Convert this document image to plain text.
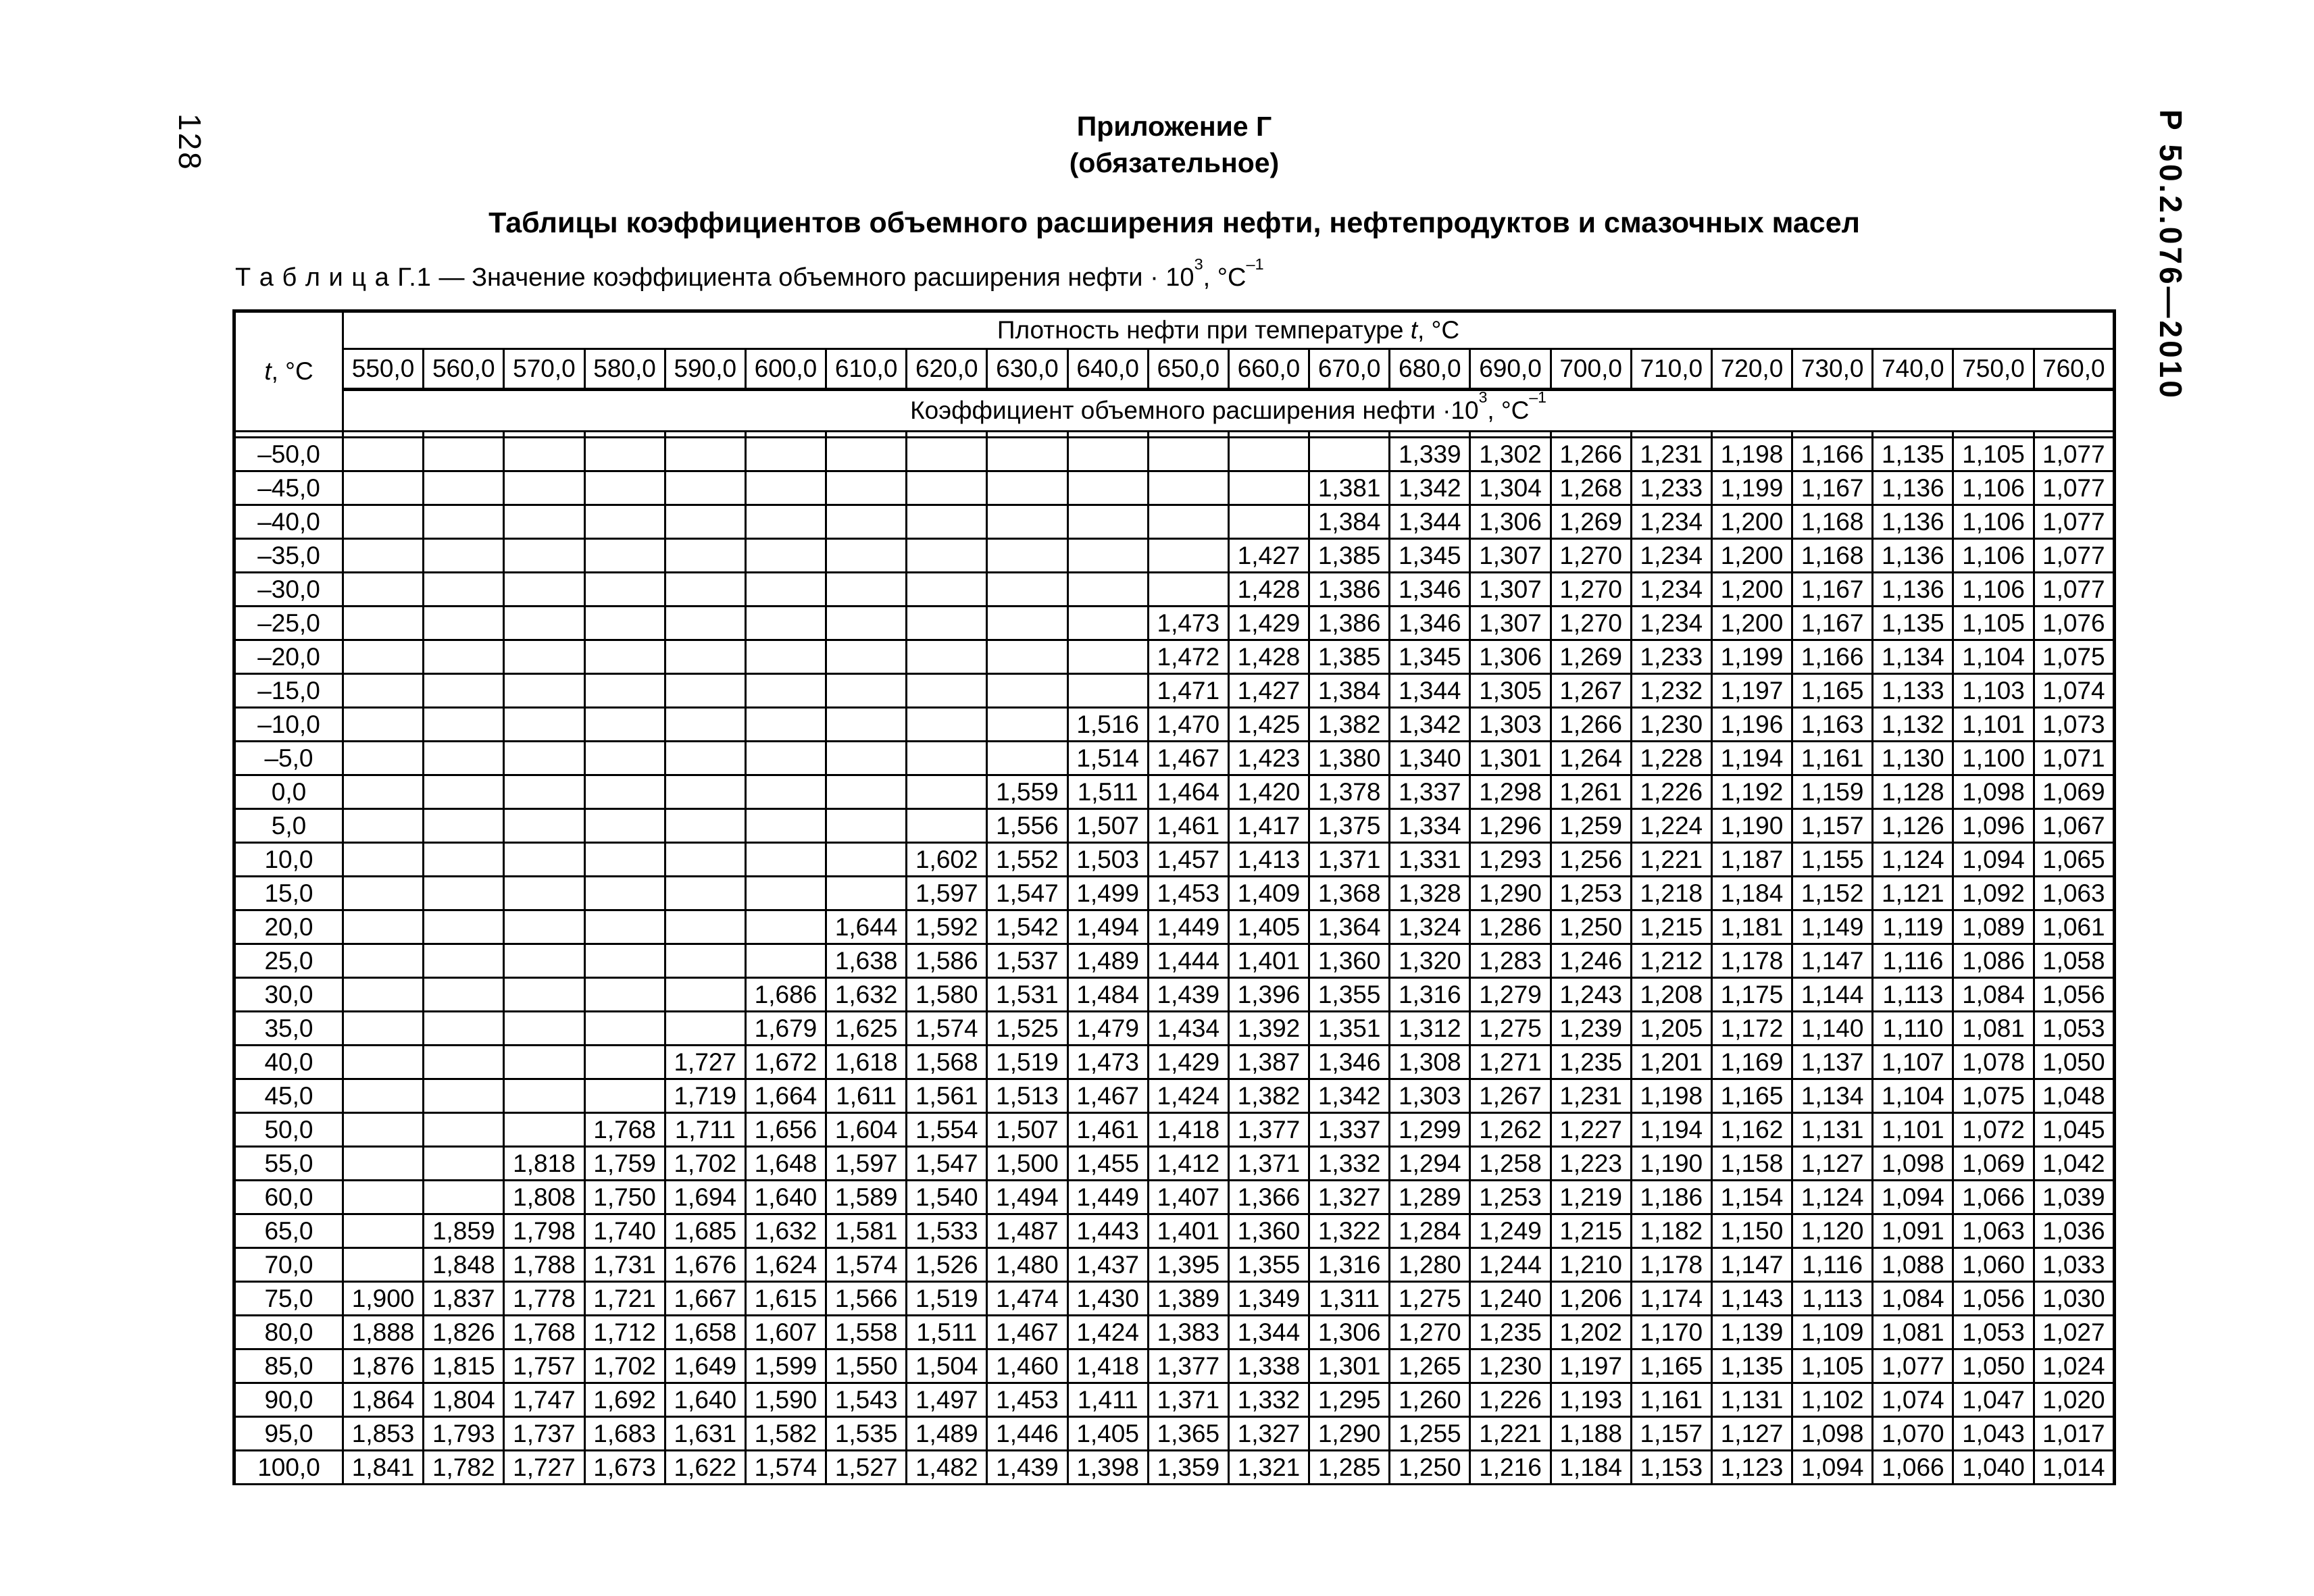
128	Р 50.2.076—2010
Приложение Г
(обязательное)
Таблицы коэффициентов объемного расширения нефти, нефтепродуктов и смазочных масел
Т а б л и ц а Г.1 — Значение коэффициента объемного расширения нефти · $10^3$, $^\circ С^{-1}$
t, °С	Плотность нефти при температуре t, °С																					
	550,0	560,0	570,0	580,0	590,0	600,0	610,0	620,0	630,0	640,0	650,0	660,0	670,0	680,0	690,0	700,0	710,0	720,0	730,0	740,0	750,0	760,0
	Коэффициент объемного расширения нефти $\cdot 10^3$, $^\circ С^{-1}$

–50,0														1,339	1,302	1,266	1,231	1,198	1,166	1,135	1,105	1,077
–45,0													1,381	1,342	1,304	1,268	1,233	1,199	1,167	1,136	1,106	1,077
–40,0													1,384	1,344	1,306	1,269	1,234	1,200	1,168	1,136	1,106	1,077
–35,0												1,427	1,385	1,345	1,307	1,270	1,234	1,200	1,168	1,136	1,106	1,077
–30,0												1,428	1,386	1,346	1,307	1,270	1,234	1,200	1,167	1,136	1,106	1,077
–25,0											1,473	1,429	1,386	1,346	1,307	1,270	1,234	1,200	1,167	1,135	1,105	1,076
–20,0											1,472	1,428	1,385	1,345	1,306	1,269	1,233	1,199	1,166	1,134	1,104	1,075
–15,0											1,471	1,427	1,384	1,344	1,305	1,267	1,232	1,197	1,165	1,133	1,103	1,074
–10,0										1,516	1,470	1,425	1,382	1,342	1,303	1,266	1,230	1,196	1,163	1,132	1,101	1,073
–5,0										1,514	1,467	1,423	1,380	1,340	1,301	1,264	1,228	1,194	1,161	1,130	1,100	1,071
0,0									1,559	1,511	1,464	1,420	1,378	1,337	1,298	1,261	1,226	1,192	1,159	1,128	1,098	1,069
5,0									1,556	1,507	1,461	1,417	1,375	1,334	1,296	1,259	1,224	1,190	1,157	1,126	1,096	1,067
10,0								1,602	1,552	1,503	1,457	1,413	1,371	1,331	1,293	1,256	1,221	1,187	1,155	1,124	1,094	1,065
15,0								1,597	1,547	1,499	1,453	1,409	1,368	1,328	1,290	1,253	1,218	1,184	1,152	1,121	1,092	1,063
20,0							1,644	1,592	1,542	1,494	1,449	1,405	1,364	1,324	1,286	1,250	1,215	1,181	1,149	1,119	1,089	1,061
25,0							1,638	1,586	1,537	1,489	1,444	1,401	1,360	1,320	1,283	1,246	1,212	1,178	1,147	1,116	1,086	1,058
30,0						1,686	1,632	1,580	1,531	1,484	1,439	1,396	1,355	1,316	1,279	1,243	1,208	1,175	1,144	1,113	1,084	1,056
35,0						1,679	1,625	1,574	1,525	1,479	1,434	1,392	1,351	1,312	1,275	1,239	1,205	1,172	1,140	1,110	1,081	1,053
40,0					1,727	1,672	1,618	1,568	1,519	1,473	1,429	1,387	1,346	1,308	1,271	1,235	1,201	1,169	1,137	1,107	1,078	1,050
45,0					1,719	1,664	1,611	1,561	1,513	1,467	1,424	1,382	1,342	1,303	1,267	1,231	1,198	1,165	1,134	1,104	1,075	1,048
50,0				1,768	1,711	1,656	1,604	1,554	1,507	1,461	1,418	1,377	1,337	1,299	1,262	1,227	1,194	1,162	1,131	1,101	1,072	1,045
55,0			1,818	1,759	1,702	1,648	1,597	1,547	1,500	1,455	1,412	1,371	1,332	1,294	1,258	1,223	1,190	1,158	1,127	1,098	1,069	1,042
60,0			1,808	1,750	1,694	1,640	1,589	1,540	1,494	1,449	1,407	1,366	1,327	1,289	1,253	1,219	1,186	1,154	1,124	1,094	1,066	1,039
65,0		1,859	1,798	1,740	1,685	1,632	1,581	1,533	1,487	1,443	1,401	1,360	1,322	1,284	1,249	1,215	1,182	1,150	1,120	1,091	1,063	1,036
70,0		1,848	1,788	1,731	1,676	1,624	1,574	1,526	1,480	1,437	1,395	1,355	1,316	1,280	1,244	1,210	1,178	1,147	1,116	1,088	1,060	1,033
75,0	1,900	1,837	1,778	1,721	1,667	1,615	1,566	1,519	1,474	1,430	1,389	1,349	1,311	1,275	1,240	1,206	1,174	1,143	1,113	1,084	1,056	1,030
80,0	1,888	1,826	1,768	1,712	1,658	1,607	1,558	1,511	1,467	1,424	1,383	1,344	1,306	1,270	1,235	1,202	1,170	1,139	1,109	1,081	1,053	1,027
85,0	1,876	1,815	1,757	1,702	1,649	1,599	1,550	1,504	1,460	1,418	1,377	1,338	1,301	1,265	1,230	1,197	1,165	1,135	1,105	1,077	1,050	1,024
90,0	1,864	1,804	1,747	1,692	1,640	1,590	1,543	1,497	1,453	1,411	1,371	1,332	1,295	1,260	1,226	1,193	1,161	1,131	1,102	1,074	1,047	1,020
95,0	1,853	1,793	1,737	1,683	1,631	1,582	1,535	1,489	1,446	1,405	1,365	1,327	1,290	1,255	1,221	1,188	1,157	1,127	1,098	1,070	1,043	1,017
100,0	1,841	1,782	1,727	1,673	1,622	1,574	1,527	1,482	1,439	1,398	1,359	1,321	1,285	1,250	1,216	1,184	1,153	1,123	1,094	1,066	1,040	1,014
